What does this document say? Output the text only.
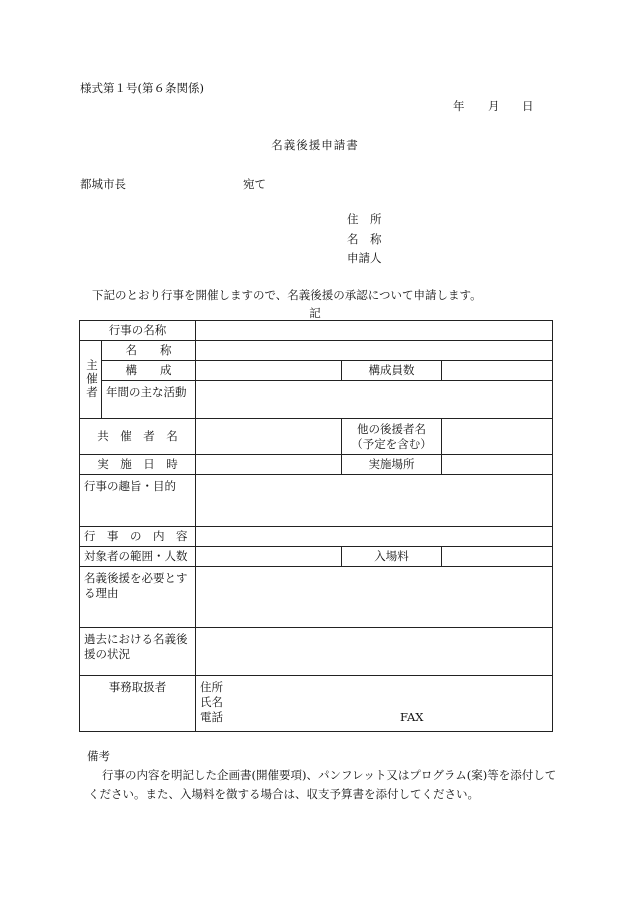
様式第１号(第６条関係)
年 月 日
名義後援申請書
都城市長	宛て
住　所
名　称
申請人
下記のとおり行事を開催しますので、名義後援の承認について申請します。
記
行事の名称				

主催者	名　　称			
	構　　成		構成員数	
	年間の主な活動			
共　催　者　名			他の後援者名
（予定を含む）	

実　施　日　時			実施場所	
行事の趣旨・目的				
行　事　の　内　容				
対象者の範囲・人数			入場料	
名義後援を必要とする理由				
過去における名義後援の状況				
事務取扱者		住所
氏名
電話 FAX		
備考
行事の内容を明記した企画書(開催要項)、パンフレット又はプログラム(案)等を添付してください。また、入場料を徴する場合は、収支予算書を添付してください。
